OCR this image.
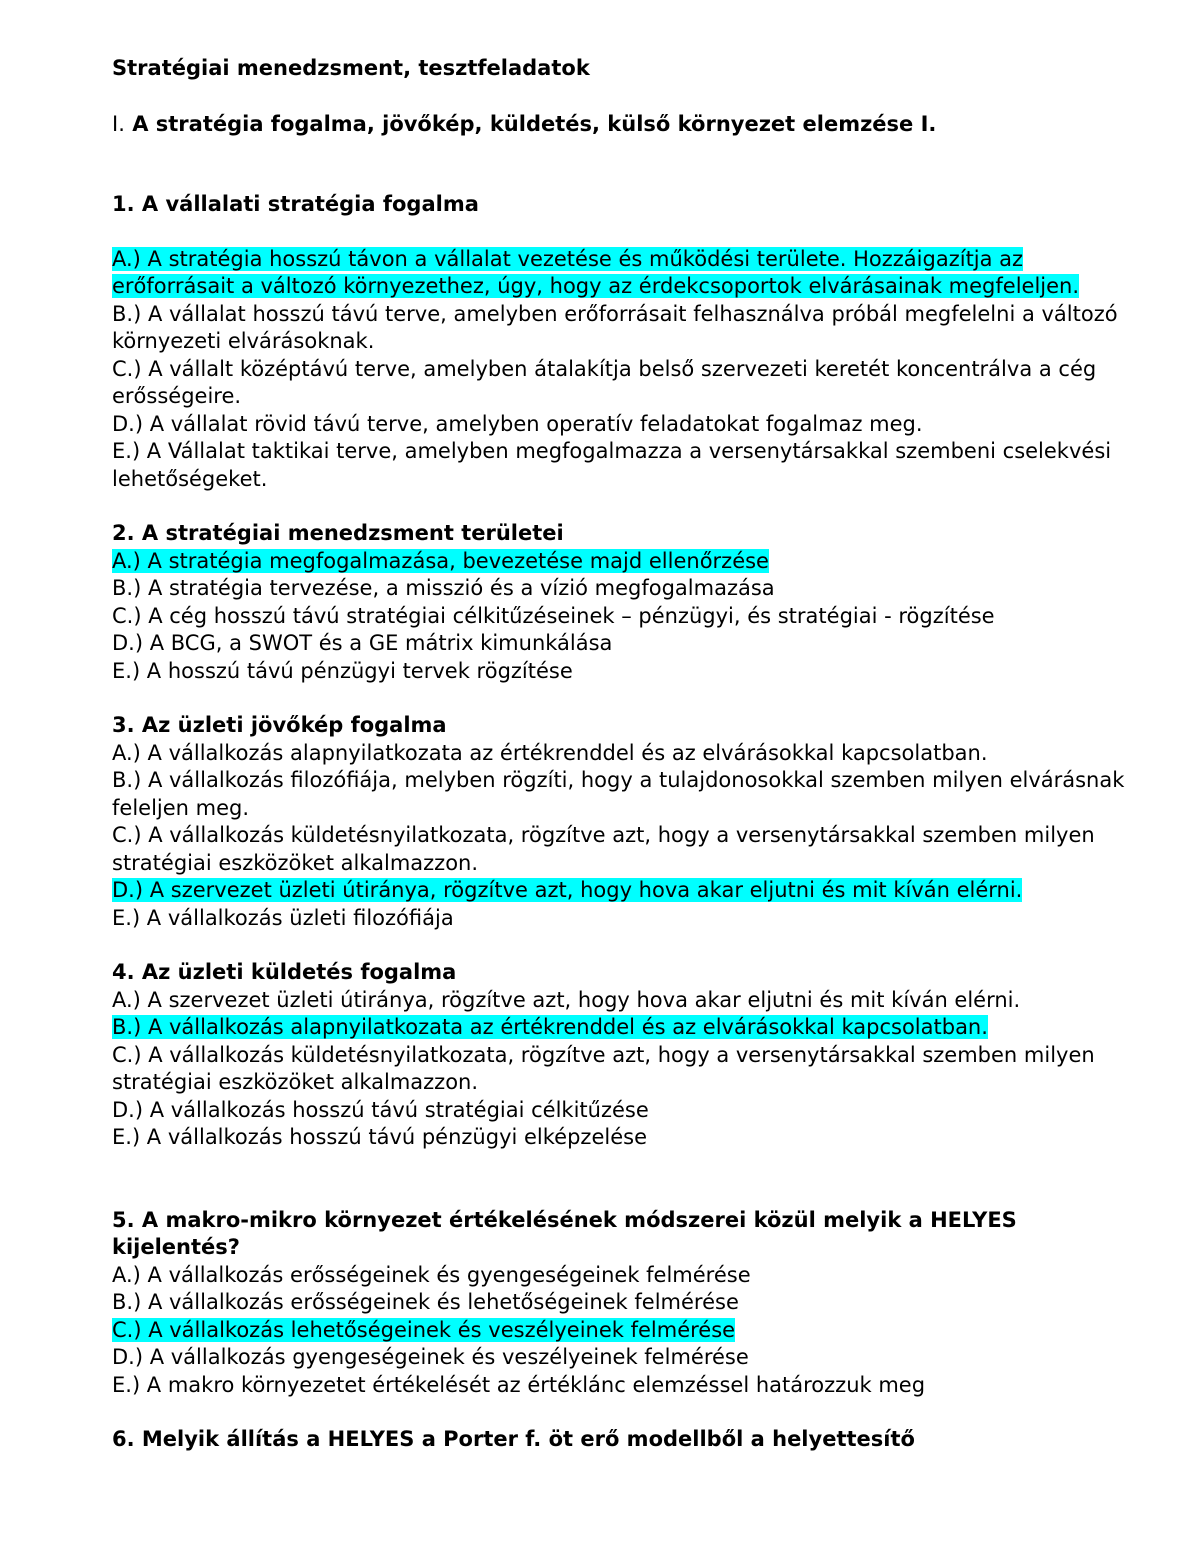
Stratégiai menedzsment, tesztfeladatok

I. A stratégia fogalma, jövőkép, küldetés, külső környezet elemzése I.

1. A vállalati stratégia fogalma

A.) A stratégia hosszú távon a vállalat vezetése és működési területe. Hozzáigazítja az erőforrásait a változó környezethez, úgy, hogy az érdekcsoportok elvárásainak megfeleljen.
B.) A vállalat hosszú távú terve, amelyben erőforrásait felhasználva próbál megfelelni a változó környezeti elvárásoknak.
C.) A vállalt középtávú terve, amelyben átalakítja belső szervezeti keretét koncentrálva a cég erősségeire.
D.) A vállalat rövid távú terve, amelyben operatív feladatokat fogalmaz meg.
E.) A Vállalat taktikai terve, amelyben megfogalmazza a versenytársakkal szembeni cselekvési lehetőségeket.

2. A stratégiai menedzsment területei

A.) A stratégia megfogalmazása, bevezetése majd ellenőrzése
B.) A stratégia tervezése, a misszió és a vízió megfogalmazása
C.) A cég hosszú távú stratégiai célkitűzéseinek – pénzügyi, és stratégiai - rögzítése
D.) A BCG, a SWOT és a GE mátrix kimunkálása
E.) A hosszú távú pénzügyi tervek rögzítése

3. Az üzleti jövőkép fogalma

A.) A vállalkozás alapnyilatkozata az értékrenddel és az elvárásokkal kapcsolatban.
B.) A vállalkozás filozófiája, melyben rögzíti, hogy a tulajdonosokkal szemben milyen elvárásnak feleljen meg.
C.) A vállalkozás küldetésnyilatkozata, rögzítve azt, hogy a versenytársakkal szemben milyen stratégiai eszközöket alkalmazzon.
D.) A szervezet üzleti útiránya, rögzítve azt, hogy hova akar eljutni és mit kíván elérni.
E.) A vállalkozás üzleti filozófiája

4. Az üzleti küldetés fogalma

A.) A szervezet üzleti útiránya, rögzítve azt, hogy hova akar eljutni és mit kíván elérni.
B.) A vállalkozás alapnyilatkozata az értékrenddel és az elvárásokkal kapcsolatban.
C.) A vállalkozás küldetésnyilatkozata, rögzítve azt, hogy a versenytársakkal szemben milyen stratégiai eszközöket alkalmazzon.
D.) A vállalkozás hosszú távú stratégiai célkitűzése
E.) A vállalkozás hosszú távú pénzügyi elképzelése

5. A makro-mikro környezet értékelésének módszerei közül melyik a HELYES kijelentés?

A.) A vállalkozás erősségeinek és gyengeségeinek felmérése
B.) A vállalkozás erősségeinek és lehetőségeinek felmérése
C.) A vállalkozás lehetőségeinek és veszélyeinek felmérése
D.) A vállalkozás gyengeségeinek és veszélyeinek felmérése
E.) A makro környezetet értékelését az értéklánc elemzéssel határozzuk meg

6. Melyik állítás a HELYES a Porter f. öt erő modellből a helyettesítő
